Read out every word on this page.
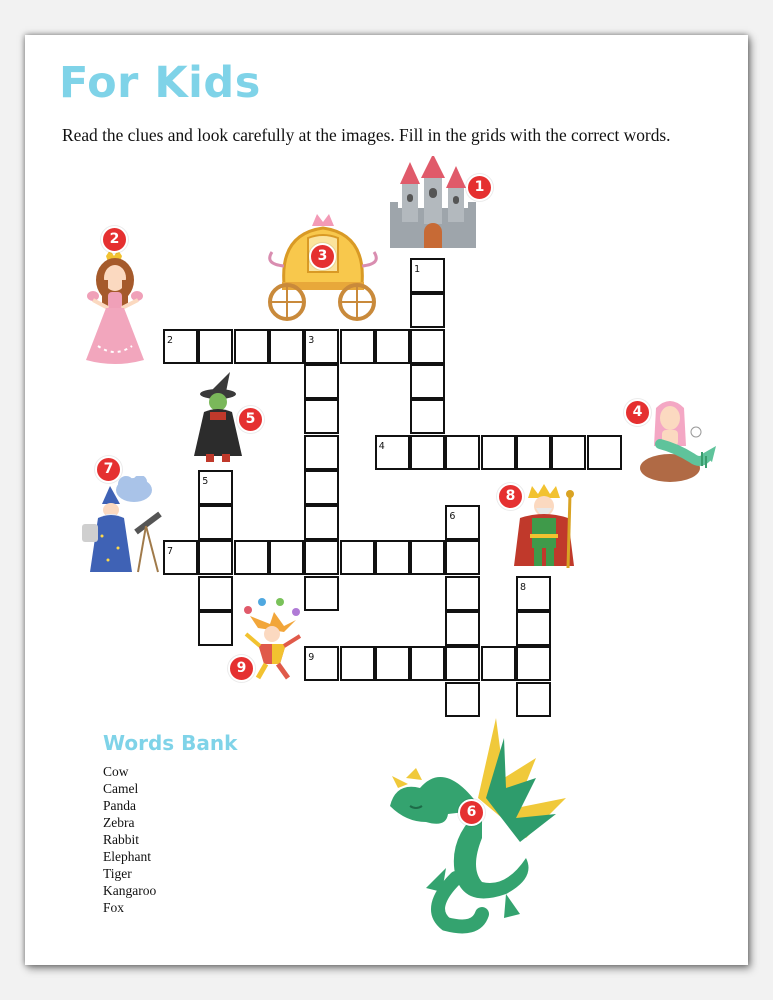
For Kids

Read the clues and look carefully at the images. Fill in the grids with the correct words.

1
2
3
4
5
7
8
9
6
1
2	3
4
5
6
7
8
9
Words Bank
Cow
Camel
Panda
Zebra
Rabbit
Elephant
Tiger
Kangaroo
Fox
